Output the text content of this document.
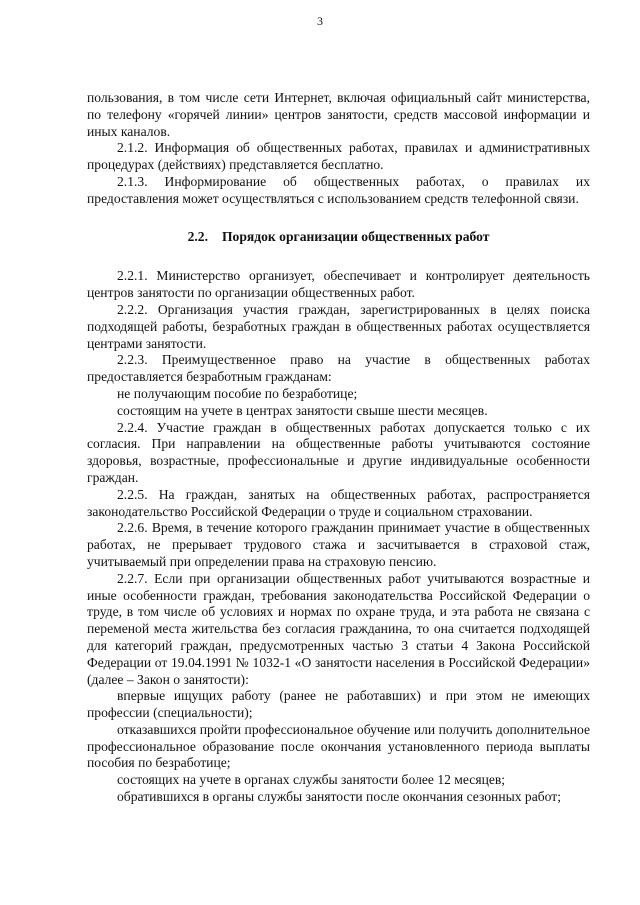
3

пользования, в том числе сети Интернет, включая официальный сайт министерства, по телефону «горячей линии» центров занятости, средств массовой информации и иных каналов.

2.1.2. Информация об общественных работах, правилах и административных процедурах (действиях) представляется бесплатно.

2.1.3. Информирование об общественных работах, о правилах их предоставления может осуществляться с использованием средств телефонной связи.

2.2. Порядок организации общественных работ

2.2.1. Министерство организует, обеспечивает и контролирует деятельность центров занятости по организации общественных работ.

2.2.2. Организация участия граждан, зарегистрированных в целях поиска подходящей работы, безработных граждан в общественных работах осуществляется центрами занятости.

2.2.3. Преимущественное право на участие в общественных работах предоставляется безработным гражданам:

не получающим пособие по безработице;

состоящим на учете в центрах занятости свыше шести месяцев.

2.2.4. Участие граждан в общественных работах допускается только с их согласия. При направлении на общественные работы учитываются состояние здоровья, возрастные, профессиональные и другие индивидуальные особенности граждан.

2.2.5. На граждан, занятых на общественных работах, распространяется законодательство Российской Федерации о труде и социальном страховании.

2.2.6. Время, в течение которого гражданин принимает участие в общественных работах, не прерывает трудового стажа и засчитывается в страховой стаж, учитываемый при определении права на страховую пенсию.

2.2.7. Если при организации общественных работ учитываются возрастные и иные особенности граждан, требования законодательства Российской Федерации о труде, в том числе об условиях и нормах по охране труда, и эта работа не связана с переменой места жительства без согласия гражданина, то она считается подходящей для категорий граждан, предусмотренных частью 3 статьи 4 Закона Российской Федерации от 19.04.1991 № 1032-1 «О занятости населения в Российской Федерации» (далее – Закон о занятости):

впервые ищущих работу (ранее не работавших) и при этом не имеющих профессии (специальности);

отказавшихся пройти профессиональное обучение или получить дополнительное профессиональное образование после окончания установленного периода выплаты пособия по безработице;

состоящих на учете в органах службы занятости более 12 месяцев;

обратившихся в органы службы занятости после окончания сезонных работ;
